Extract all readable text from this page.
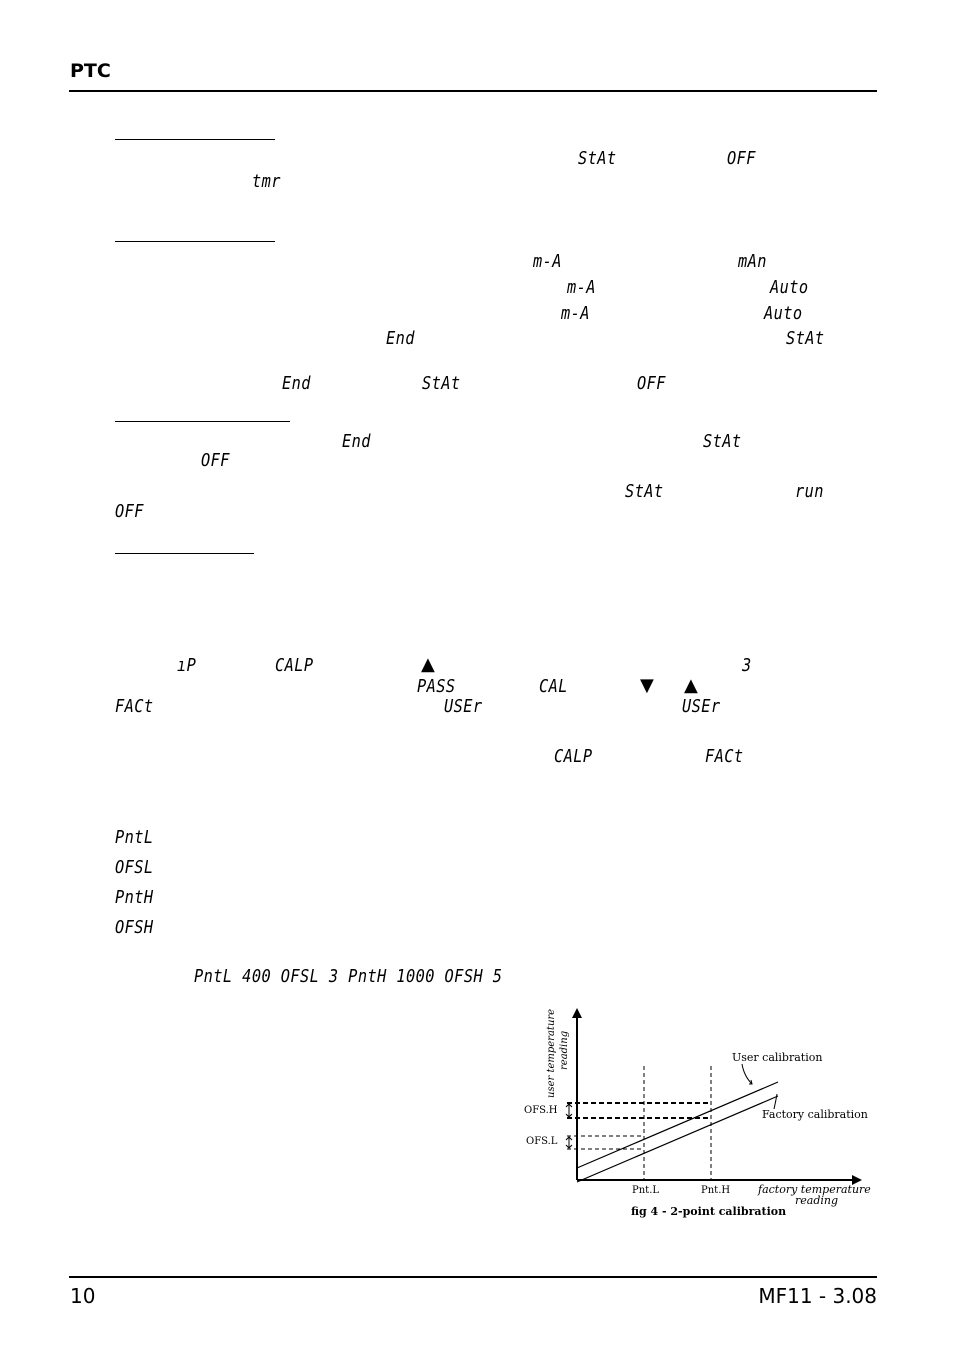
PTC
StAt	OFF
tmr
m-A	mAn
m-A	Auto
m-A	Auto
End	StAt
End	StAt	OFF
End	StAt
OFF
StAt	run
OFF
ıP	CALP	▲	3
PASS	CAL	▼ ▲
FACt	USEr	USEr
CALP	FACt
PntL
OFSL
PntH
OFSH
PntL 400 OFSL 3 PntH 1000 OFSH 5
User calibration
Factory calibration
OFS.H
OFS.L
Pnt.L	Pnt.H	factory temperature
reading
user temperature reading
fig 4 - 2-point calibration
10	MF11 - 3.08
